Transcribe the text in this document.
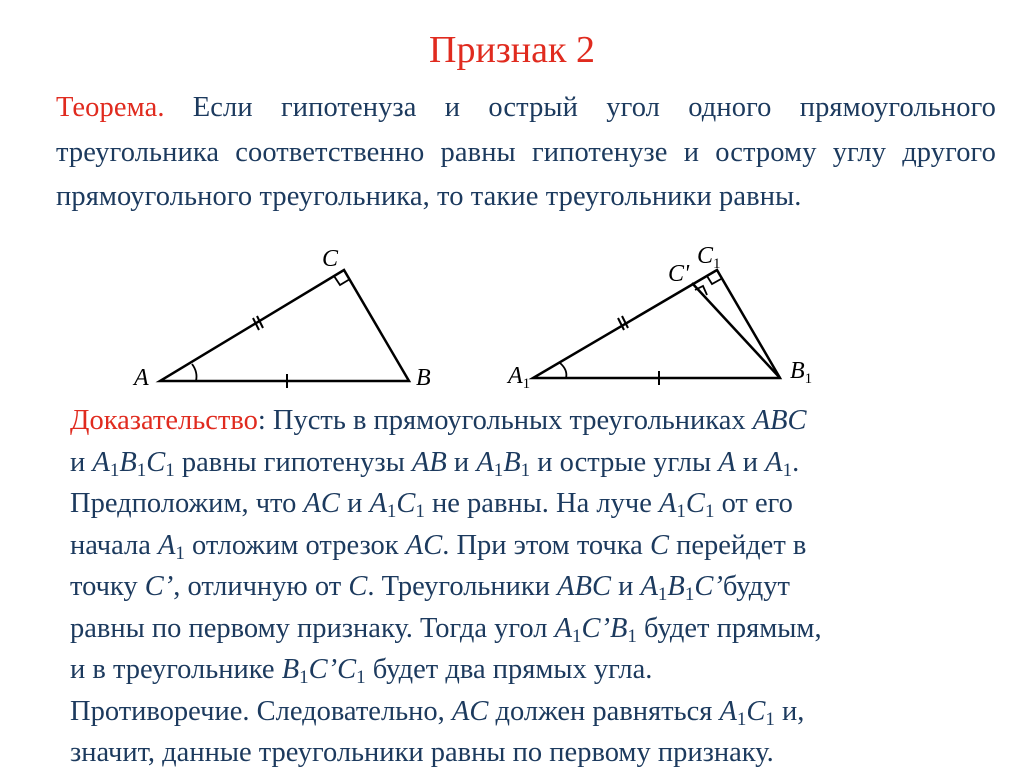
Признак 2
Теорема. Если гипотенуза и острый угол одного прямоугольного треугольника соответственно равны гипотенузе и острому углу другого прямоугольного треугольника, то такие треугольники равны.
A	B
C
$A_1$	$B_1$
$C_1$
C'
Доказательство: Пусть в прямоугольных треугольниках ABC
и $A_1B_1C_1$ равны гипотенузы AB и $A_1B_1$ и острые углы A и $A_1$.
Предположим, что AC и $A_1C_1$ не равны. На луче $A_1C_1$ от его
начала $A_1$ отложим отрезок AC. При этом точка C перейдет в
точку C’, отличную от C. Треугольники ABC и $A_1B_1C’будут$
равны по первому признаку. Тогда угол $A_1C’B_1$ будет прямым,
и в треугольнике $B_1C’C_1$ будет два прямых угла.
Противоречие. Следовательно, AC должен равняться $A_1C_1$ и,
значит, данные треугольники равны по первому признаку.
